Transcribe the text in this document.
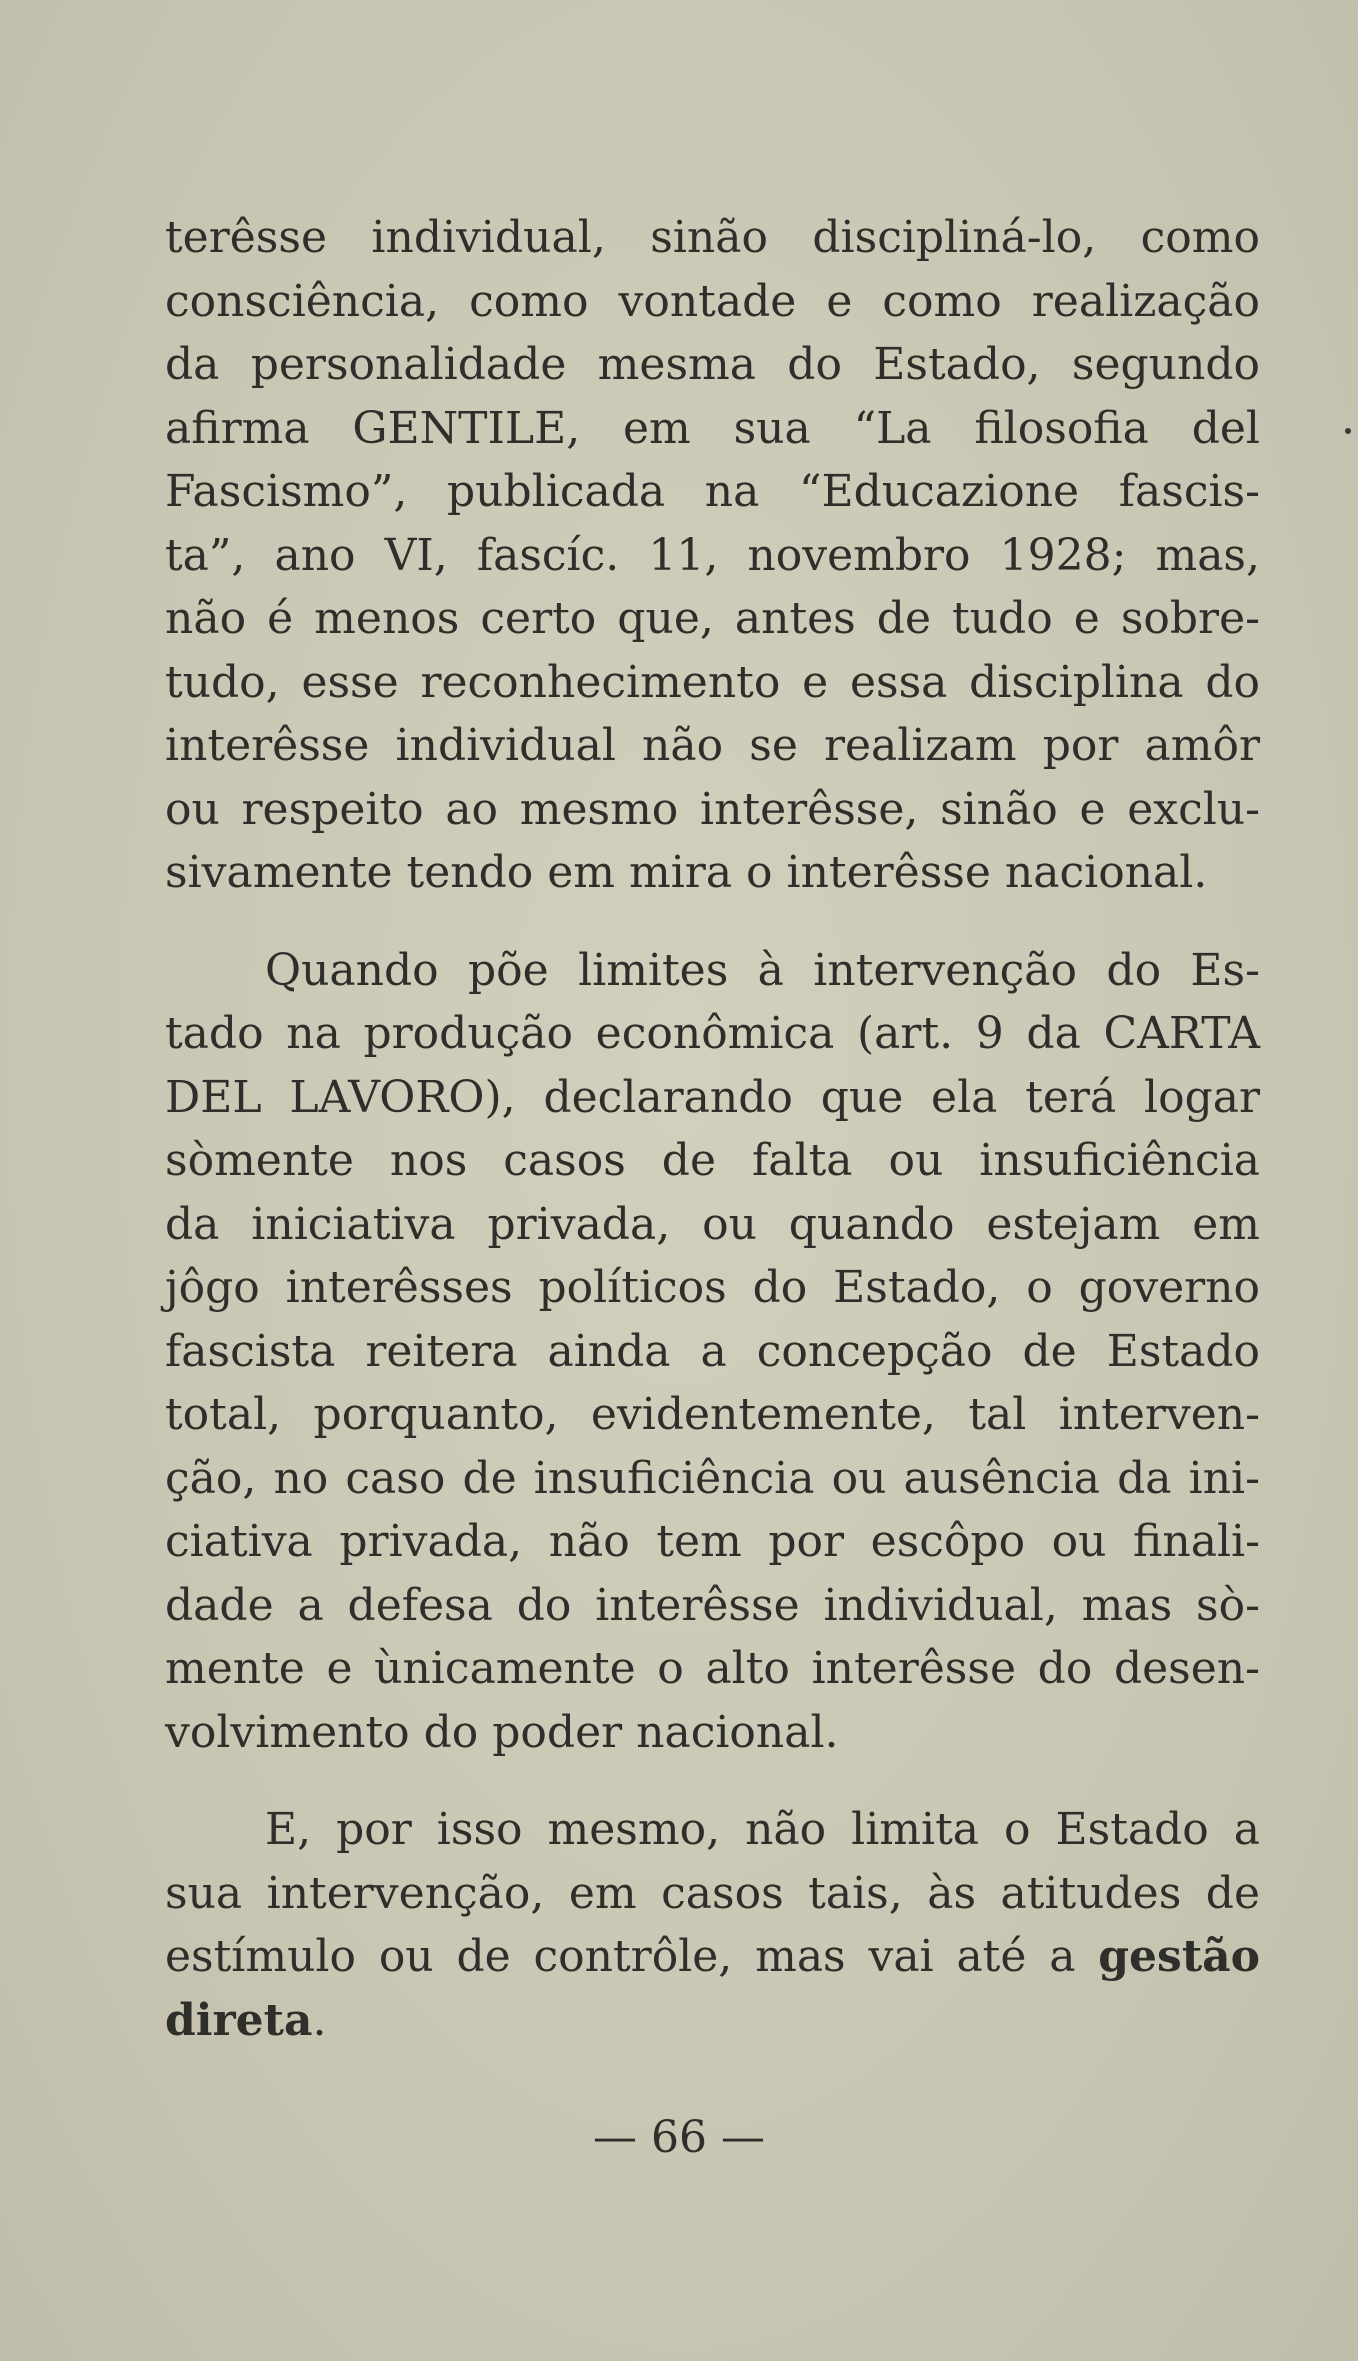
terêsse individual, sinão discipliná-lo, como
consciência, como vontade e como realização
da personalidade mesma do Estado, segundo
afirma GENTILE, em sua “La filosofia del
Fascismo”, publicada na “Educazione fascis-
ta”, ano VI, fascíc. 11, novembro 1928; mas,
não é menos certo que, antes de tudo e sobre-
tudo, esse reconhecimento e essa disciplina do
interêsse individual não se realizam por amôr
ou respeito ao mesmo interêsse, sinão e exclu-
sivamente tendo em mira o interêsse nacional.

Quando põe limites à intervenção do Es-
tado na produção econômica (art. 9 da CARTA
DEL LAVORO), declarando que ela terá logar
sòmente nos casos de falta ou insuficiência
da iniciativa privada, ou quando estejam em
jôgo interêsses políticos do Estado, o governo
fascista reitera ainda a concepção de Estado
total, porquanto, evidentemente, tal interven-
ção, no caso de insuficiência ou ausência da ini-
ciativa privada, não tem por escôpo ou finali-
dade a defesa do interêsse individual, mas sò-
mente e ùnicamente o alto interêsse do desen-
volvimento do poder nacional.

E, por isso mesmo, não limita o Estado a
sua intervenção, em casos tais, às atitudes de
estímulo ou de contrôle, mas vai até a gestão
direta.

— 66 —
